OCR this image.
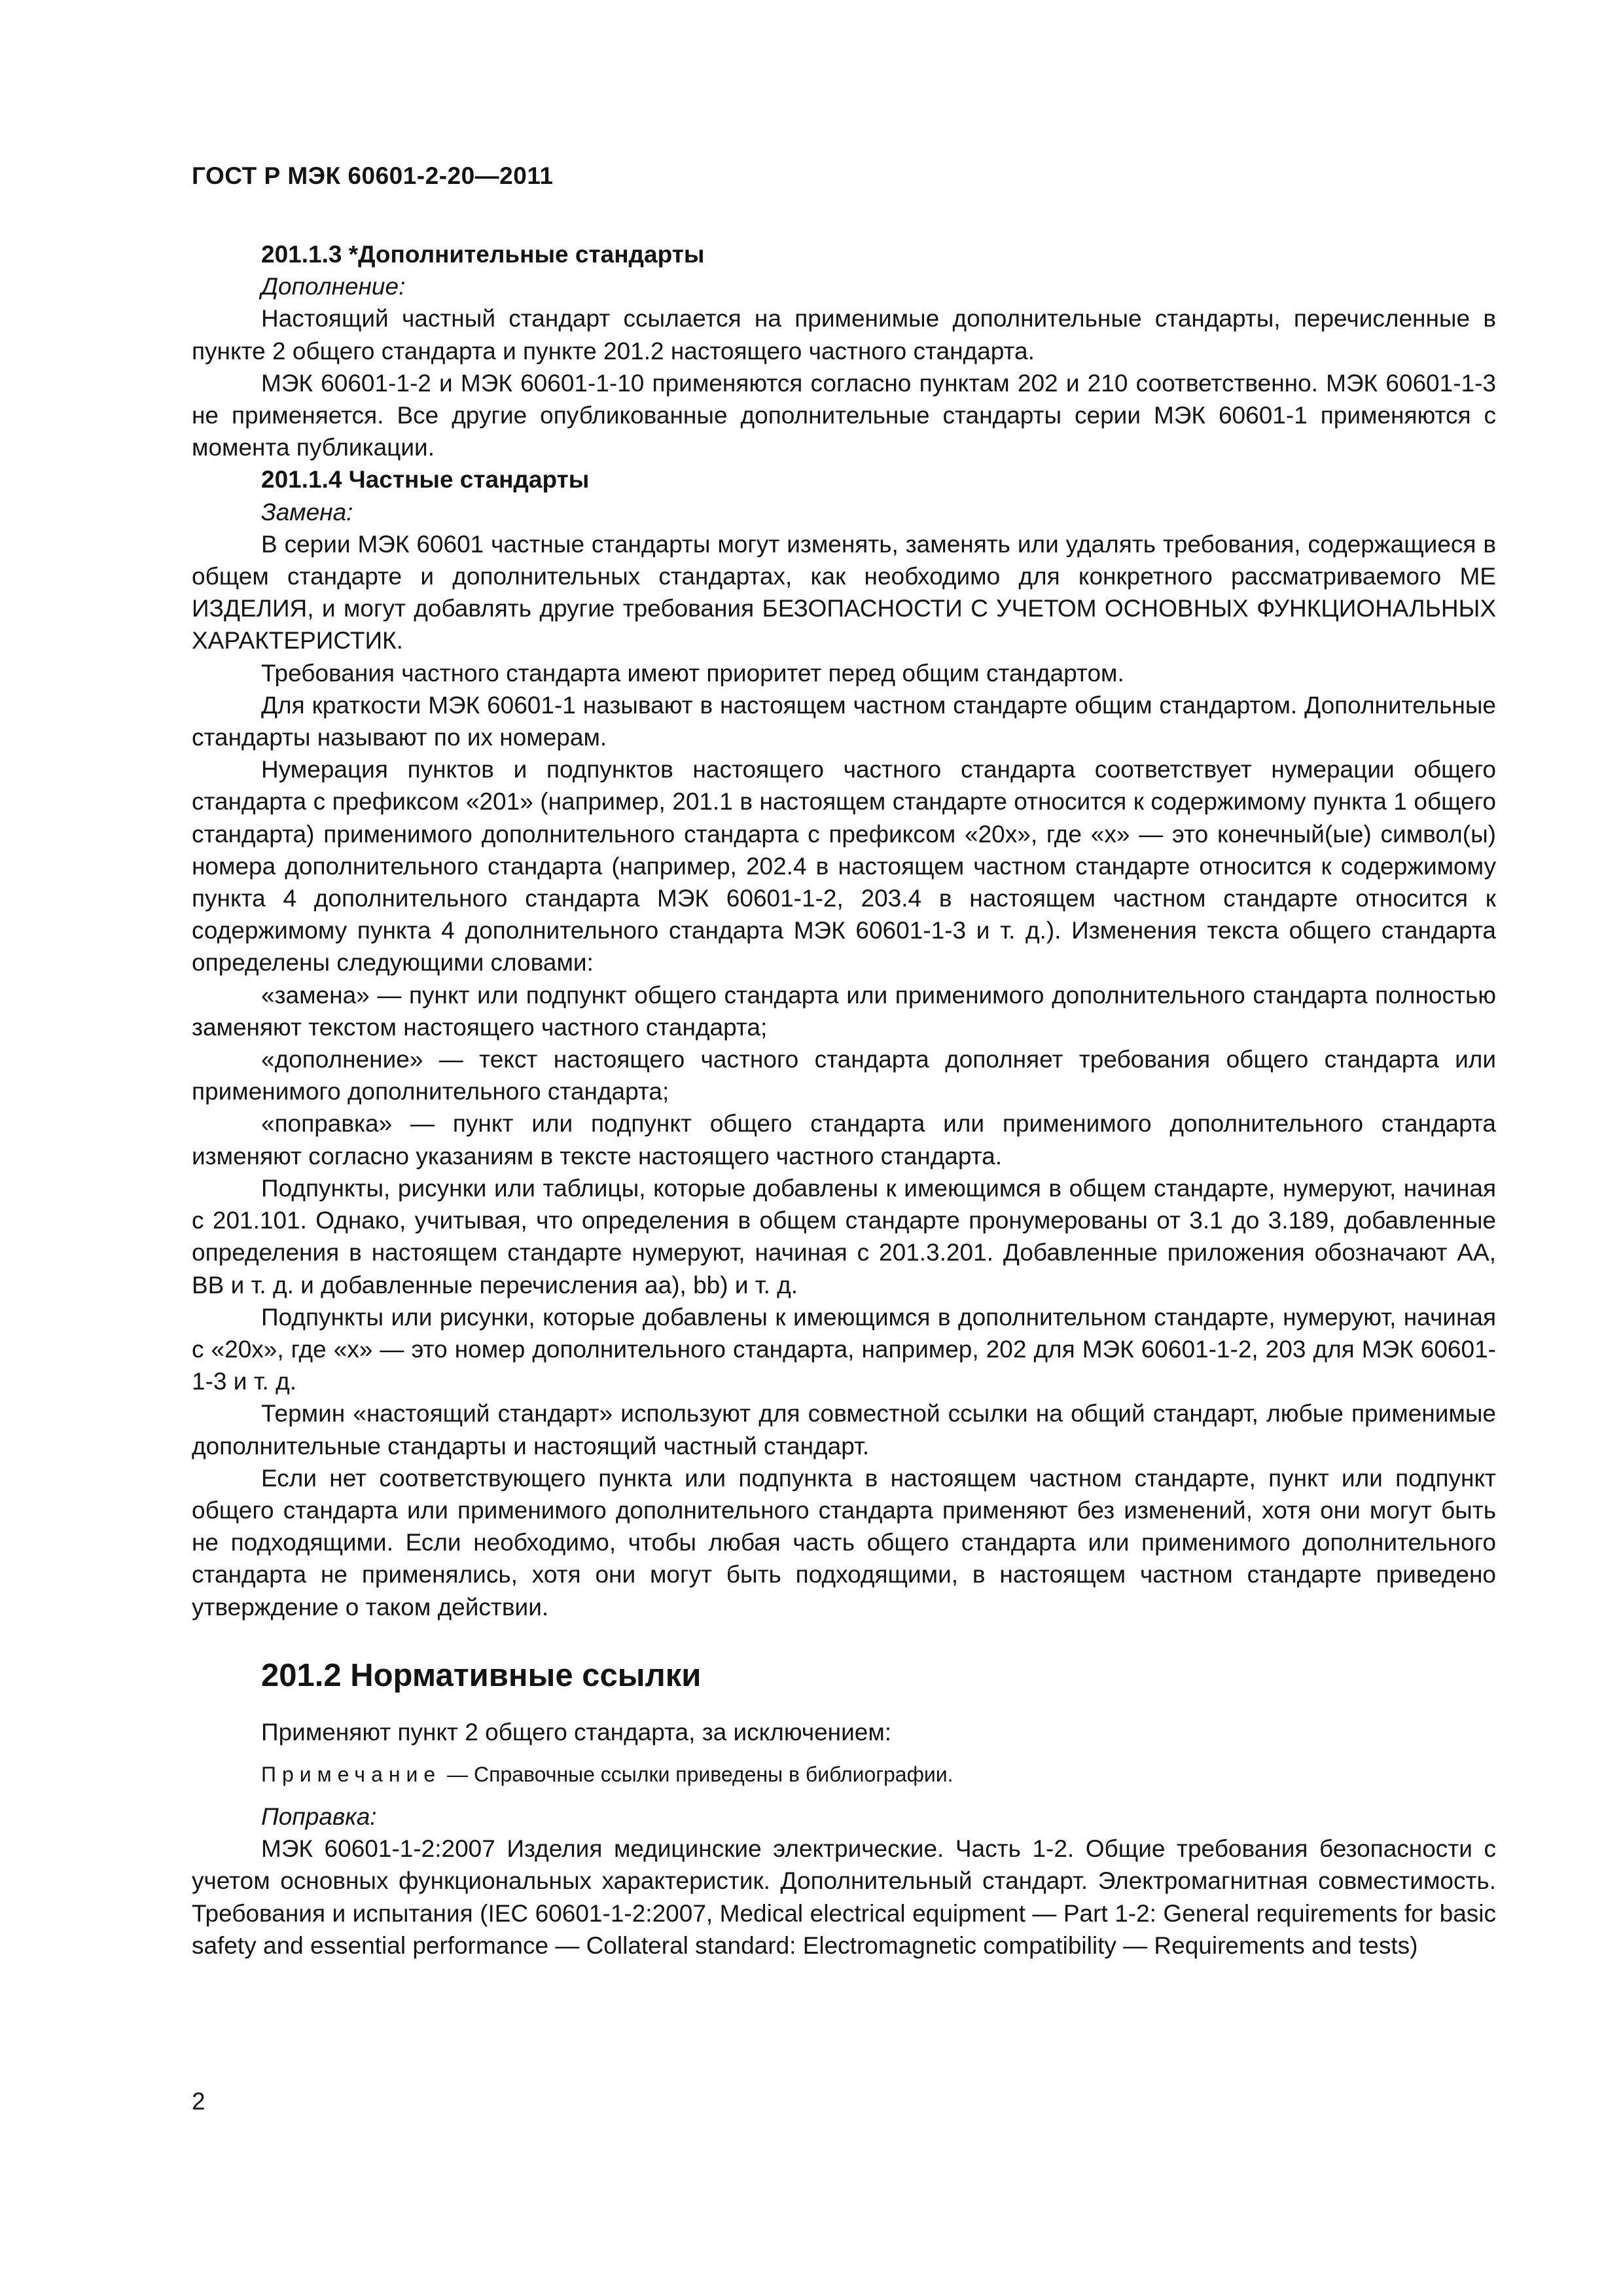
ГОСТ Р МЭК 60601-2-20—2011
201.1.3 *Дополнительные стандарты
Дополнение:

Настоящий частный стандарт ссылается на применимые дополнительные стандарты, перечисленные в пункте 2 общего стандарта и пункте 201.2 настоящего частного стандарта.

МЭК 60601-1-2 и МЭК 60601-1-10 применяются согласно пунктам 202 и 210 соответственно. МЭК 60601-1-3 не применяется. Все другие опубликованные дополнительные стандарты серии МЭК 60601-1 применяются с момента публикации.

201.1.4 Частные стандарты
Замена:

В серии МЭК 60601 частные стандарты могут изменять, заменять или удалять требования, содержащиеся в общем стандарте и дополнительных стандартах, как необходимо для конкретного рассматриваемого МЕ ИЗДЕЛИЯ, и могут добавлять другие требования БЕЗОПАСНОСТИ С УЧЕТОМ ОСНОВНЫХ ФУНКЦИОНАЛЬНЫХ ХАРАКТЕРИСТИК.

Требования частного стандарта имеют приоритет перед общим стандартом.

Для краткости МЭК 60601-1 называют в настоящем частном стандарте общим стандартом. Дополнительные стандарты называют по их номерам.

Нумерация пунктов и подпунктов настоящего частного стандарта соответствует нумерации общего стандарта с префиксом «201» (например, 201.1 в настоящем стандарте относится к содержимому пункта 1 общего стандарта) применимого дополнительного стандарта с префиксом «20x», где «x» — это конечный(ые) символ(ы) номера дополнительного стандарта (например, 202.4 в настоящем частном стандарте относится к содержимому пункта 4 дополнительного стандарта МЭК 60601-1-2, 203.4 в настоящем частном стандарте относится к содержимому пункта 4 дополнительного стандарта МЭК 60601-1-3 и т. д.). Изменения текста общего стандарта определены следующими словами:

«замена» — пункт или подпункт общего стандарта или применимого дополнительного стандарта полностью заменяют текстом настоящего частного стандарта;

«дополнение» — текст настоящего частного стандарта дополняет требования общего стандарта или применимого дополнительного стандарта;

«поправка» — пункт или подпункт общего стандарта или применимого дополнительного стандарта изменяют согласно указаниям в тексте настоящего частного стандарта.

Подпункты, рисунки или таблицы, которые добавлены к имеющимся в общем стандарте, нумеруют, начиная с 201.101. Однако, учитывая, что определения в общем стандарте пронумерованы от 3.1 до 3.189, добавленные определения в настоящем стандарте нумеруют, начиная с 201.3.201. Добавленные приложения обозначают AA, BB и т. д. и добавленные перечисления aa), bb) и т. д.

Подпункты или рисунки, которые добавлены к имеющимся в дополнительном стандарте, нумеруют, начиная с «20x», где «x» — это номер дополнительного стандарта, например, 202 для МЭК 60601-1-2, 203 для МЭК 60601-1-3 и т. д.

Термин «настоящий стандарт» используют для совместной ссылки на общий стандарт, любые применимые дополнительные стандарты и настоящий частный стандарт.

Если нет соответствующего пункта или подпункта в настоящем частном стандарте, пункт или подпункт общего стандарта или применимого дополнительного стандарта применяют без изменений, хотя они могут быть не подходящими. Если необходимо, чтобы любая часть общего стандарта или применимого дополнительного стандарта не применялись, хотя они могут быть подходящими, в настоящем частном стандарте приведено утверждение о таком действии.

201.2 Нормативные ссылки
Применяют пункт 2 общего стандарта, за исключением:
Примечание — Справочные ссылки приведены в библиографии.
Поправка:

МЭК 60601-1-2:2007 Изделия медицинские электрические. Часть 1-2. Общие требования безопасности с учетом основных функциональных характеристик. Дополнительный стандарт. Электромагнитная совместимость. Требования и испытания (IEC 60601-1-2:2007, Medical electrical equipment — Part 1-2: General requirements for basic safety and essential performance — Collateral standard: Electromagnetic compatibility — Requirements and tests)

2
